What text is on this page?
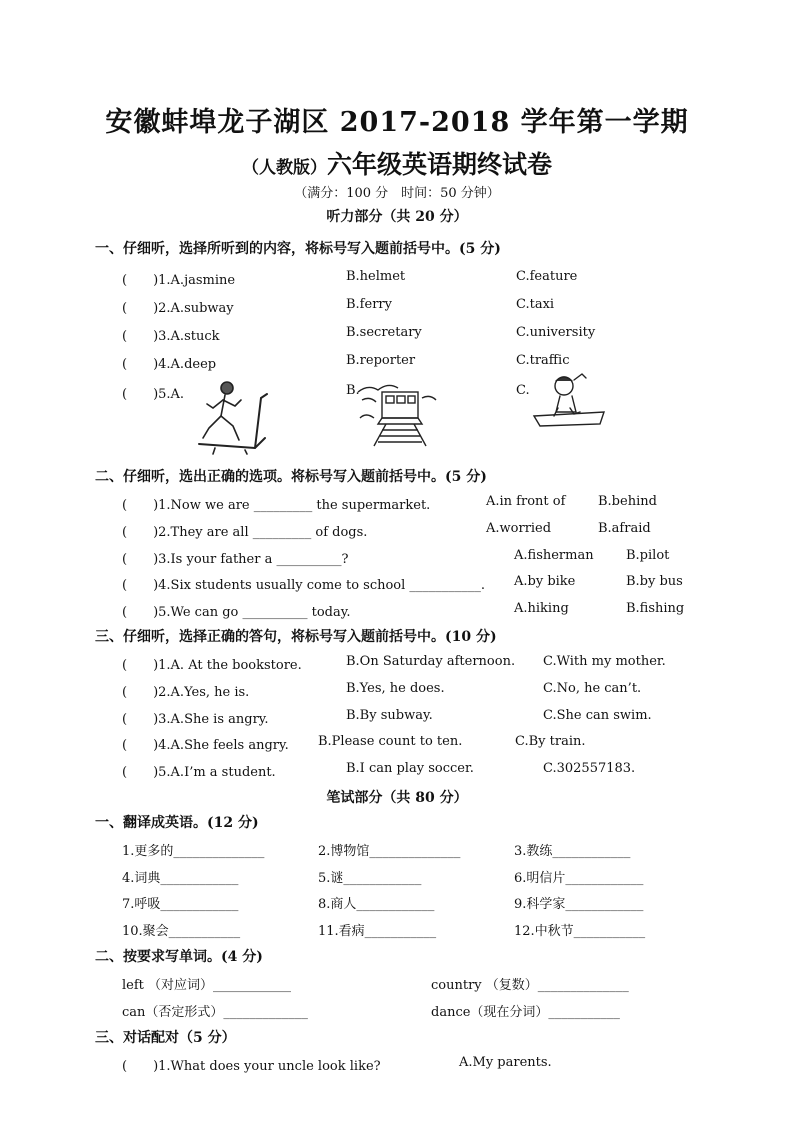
安徽蚌埠龙子湖区 2017-2018 学年第一学期
（人教版）六年级英语期终试卷
（满分：100 分　时间：50 分钟）
听力部分（共 20 分）
一、仔细听，选择所听到的内容，将标号写入题前括号中。(5 分)
(　　)1.A.jasmine	B.helmet	C.feature
(　　)2.A.subway	B.ferry	C.taxi
(　　)3.A.stuck	B.secretary	C.university
(　　)4.A.deep	B.reporter	C.traffic
(　　)5.A.	B.	C.
二、仔细听，选出正确的选项。将标号写入题前括号中。(5 分)
(　　)1.Now we are _________ the supermarket.	A.in front of	B.behind
(　　)2.They are all _________ of dogs.	A.worried	B.afraid
(　　)3.Is your father a __________?	A.fisherman B.pilot
(　　)4.Six students usually come to school ___________. A.by bike	B.by bus
(　　)5.We can go __________ today.	A.hiking	B.fishing
三、仔细听，选择正确的答句，将标号写入题前括号中。(10 分)
(　　)1.A. At the bookstore.	B.On Saturday afternoon. C.With my mother.
(　　)2.A.Yes, he is.	B.Yes, he does.	C.No, he can’t.
(　　)3.A.She is angry.	B.By subway.	C.She can swim.
(　　)4.A.She feels angry. B.Please count to ten.	C.By train.
(　　)5.A.I’m a student.	B.I can play soccer.	C.302557183.
笔试部分（共 80 分）
一、翻译成英语。(12 分)
1.更多的______________	2.博物馆______________	3.教练____________
4.词典____________	5.谜____________	6.明信片____________
7.呼吸____________	8.商人____________	9.科学家____________
10.聚会___________	11.看病___________	12.中秋节___________
二、按要求写单词。(4 分)
left （对应词）____________	country （复数）______________
can（否定形式）_____________	dance（现在分词）___________
三、对话配对（5 分）
(　　)1.What does your uncle look like?	A.My parents.
